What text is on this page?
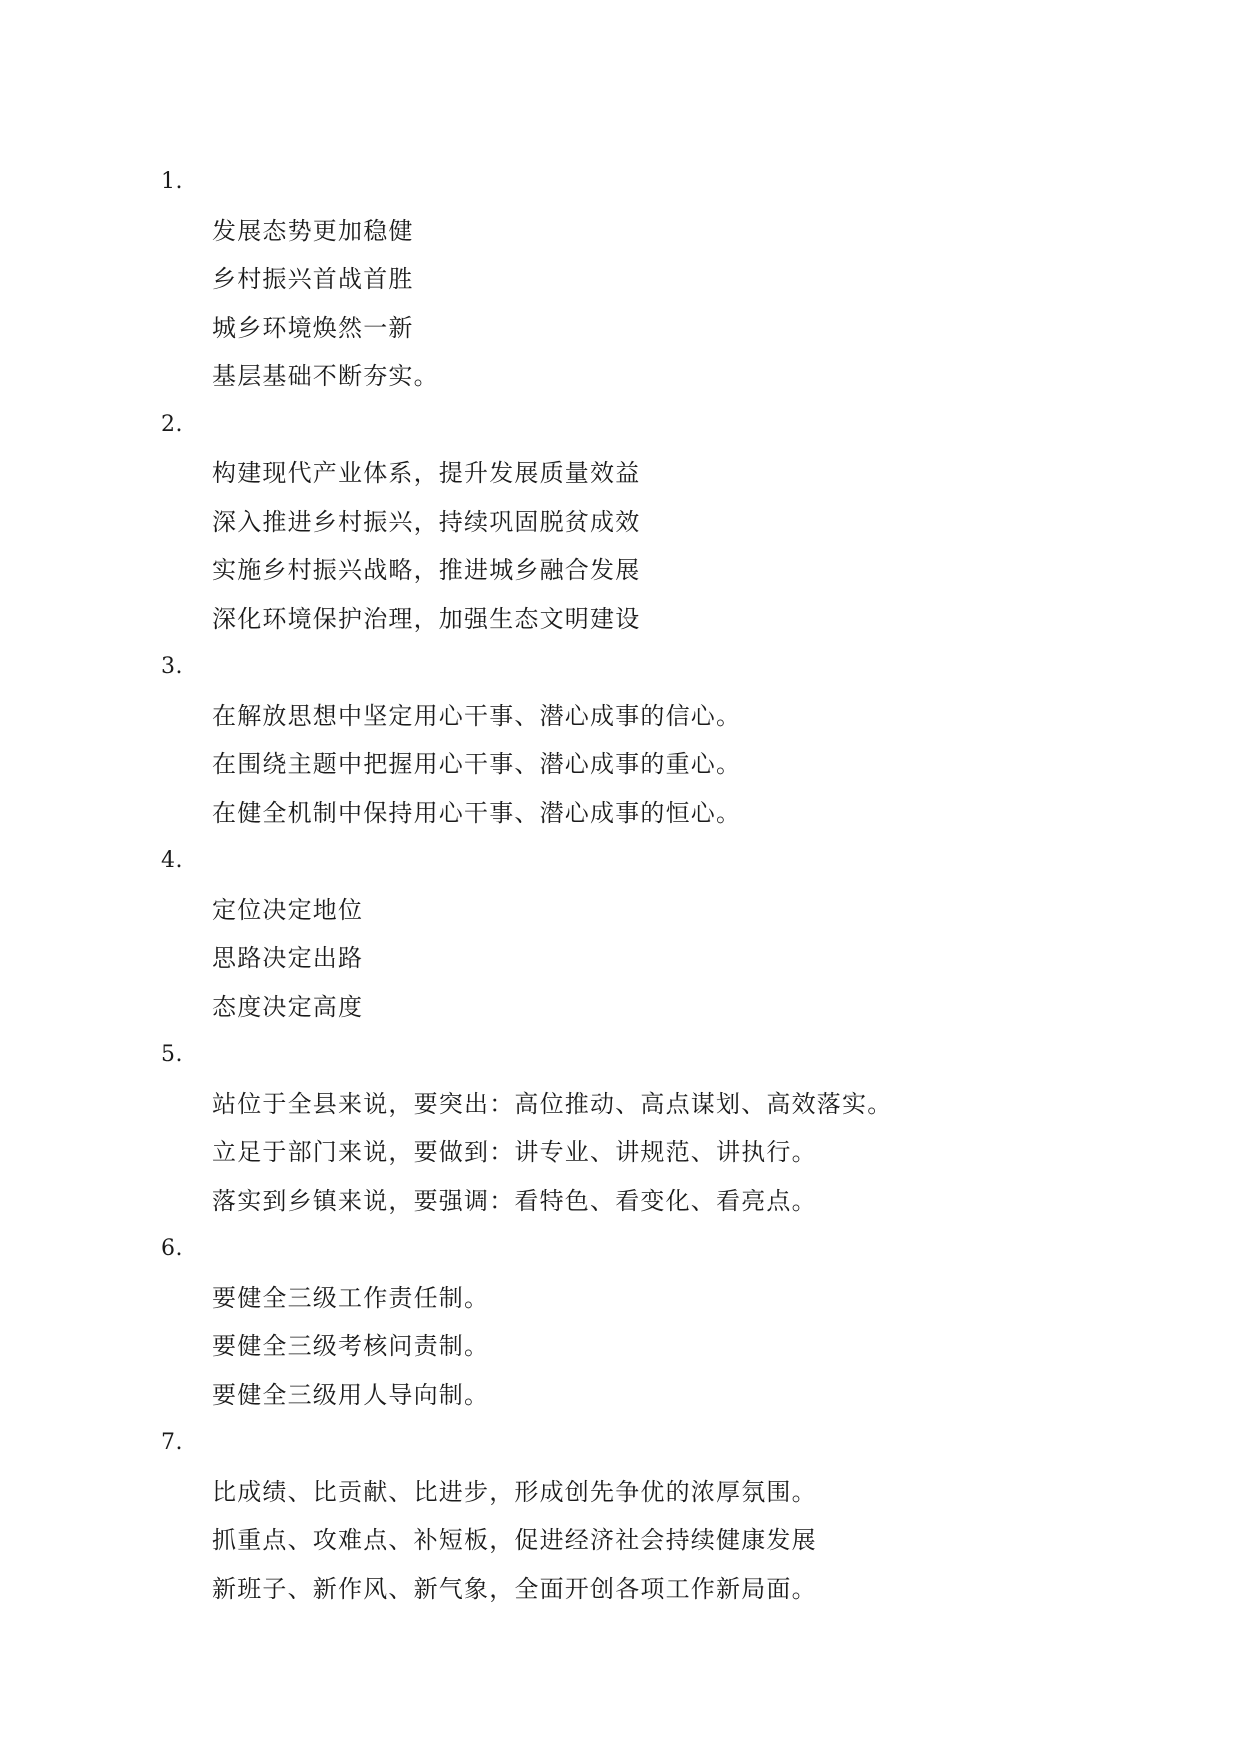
1.
发展态势更加稳健
乡村振兴首战首胜
城乡环境焕然一新
基层基础不断夯实。
2.
构建现代产业体系，提升发展质量效益
深入推进乡村振兴，持续巩固脱贫成效
实施乡村振兴战略，推进城乡融合发展
深化环境保护治理，加强生态文明建设
3.
在解放思想中坚定用心干事、潜心成事的信心。
在围绕主题中把握用心干事、潜心成事的重心。
在健全机制中保持用心干事、潜心成事的恒心。
4.
定位决定地位
思路决定出路
态度决定高度
5.
站位于全县来说，要突出：高位推动、高点谋划、高效落实。
立足于部门来说，要做到：讲专业、讲规范、讲执行。
落实到乡镇来说，要强调：看特色、看变化、看亮点。
6.
要健全三级工作责任制。
要健全三级考核问责制。
要健全三级用人导向制。
7.
比成绩、比贡献、比进步，形成创先争优的浓厚氛围。
抓重点、攻难点、补短板，促进经济社会持续健康发展
新班子、新作风、新气象，全面开创各项工作新局面。
